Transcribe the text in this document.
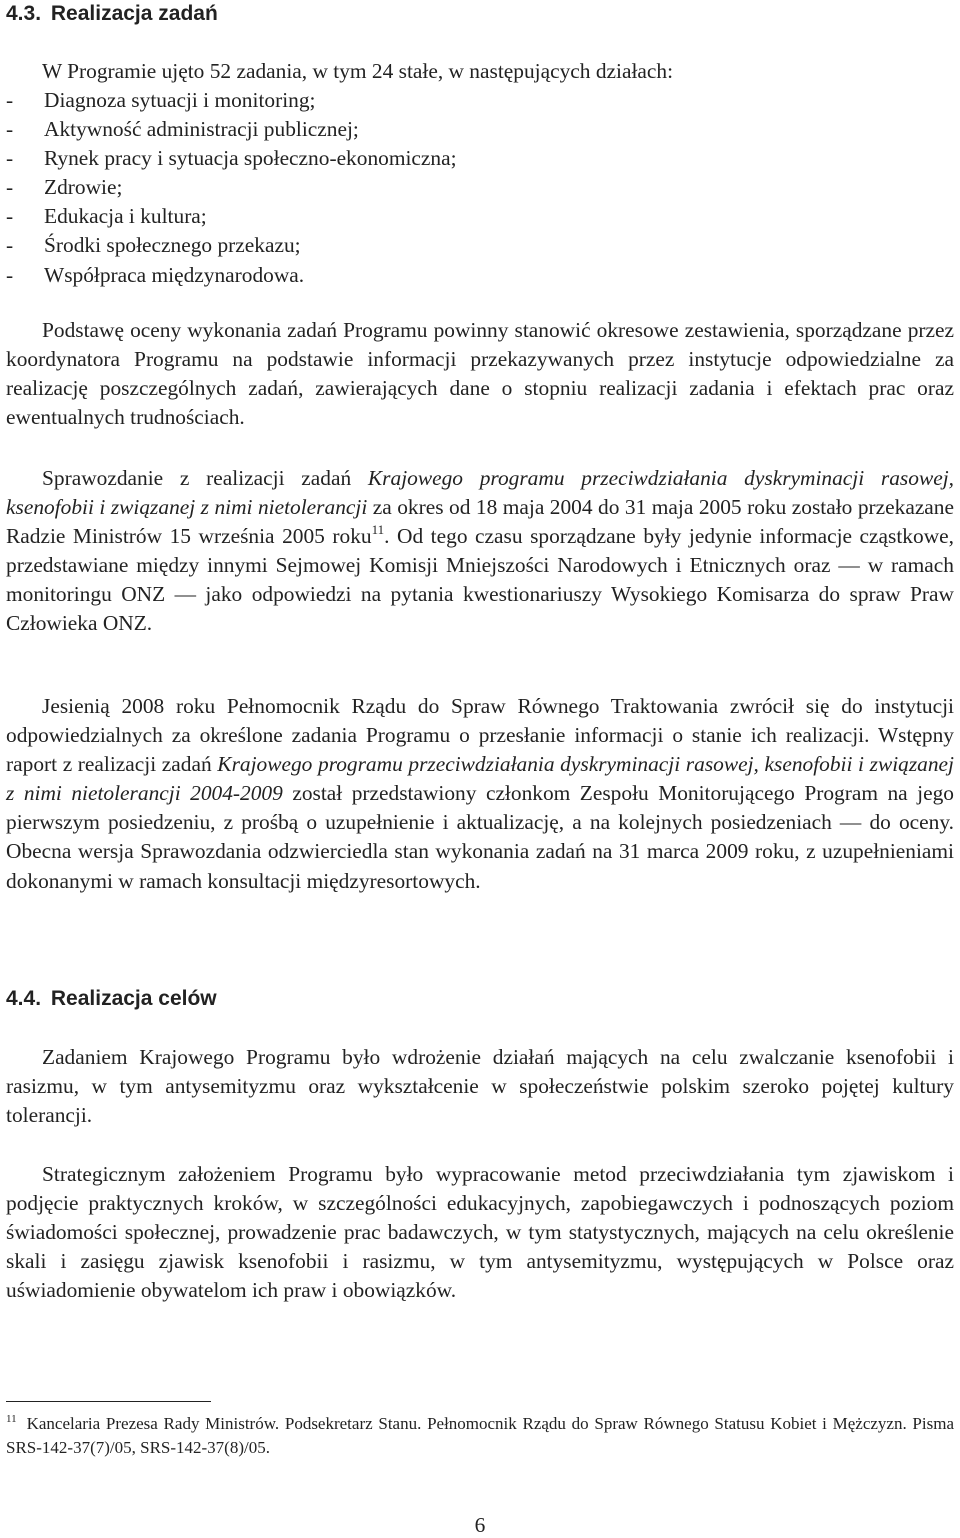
4.3. Realizacja zadań

W Programie ujęto 52 zadania, w tym 24 stałe, w następujących działach:

- Diagnoza sytuacji i monitoring;
- Aktywność administracji publicznej;
- Rynek pracy i sytuacja społeczno-ekonomiczna;
- Zdrowie;
- Edukacja i kultura;
- Środki społecznego przekazu;
- Współpraca międzynarodowa.

Podstawę oceny wykonania zadań Programu powinny stanowić okresowe zestawienia, sporządzane przez koordynatora Programu na podstawie informacji przekazywanych przez instytucje odpowiedzialne za realizację poszczególnych zadań, zawierających dane o stopniu realizacji zadania i efektach prac oraz ewentualnych trudnościach.

Sprawozdanie z realizacji zadań Krajowego programu przeciwdziałania dyskryminacji rasowej, ksenofobii i związanej z nimi nietolerancji za okres od 18 maja 2004 do 31 maja 2005 roku zostało przekazane Radzie Ministrów 15 września 2005 roku$^{11}$. Od tego czasu sporządzane były jedynie informacje cząstkowe, przedstawiane między innymi Sejmowej Komisji Mniejszości Narodowych i Etnicznych oraz — w ramach monitoringu ONZ — jako odpowiedzi na pytania kwestionariuszy Wysokiego Komisarza do spraw Praw Człowieka ONZ.

Jesienią 2008 roku Pełnomocnik Rządu do Spraw Równego Traktowania zwrócił się do instytucji odpowiedzialnych za określone zadania Programu o przesłanie informacji o stanie ich realizacji. Wstępny raport z realizacji zadań Krajowego programu przeciwdziałania dyskryminacji rasowej, ksenofobii i związanej z nimi nietolerancji 2004-2009 został przedstawiony członkom Zespołu Monitorującego Program na jego pierwszym posiedzeniu, z prośbą o uzupełnienie i aktualizację, a na kolejnych posiedzeniach — do oceny. Obecna wersja Sprawozdania odzwierciedla stan wykonania zadań na 31 marca 2009 roku, z uzupełnieniami dokonanymi w ramach konsultacji międzyresortowych.

4.4. Realizacja celów

Zadaniem Krajowego Programu było wdrożenie działań mających na celu zwalczanie ksenofobii i rasizmu, w tym antysemityzmu oraz wykształcenie w społeczeństwie polskim szeroko pojętej kultury tolerancji.

Strategicznym założeniem Programu było wypracowanie metod przeciwdziałania tym zjawiskom i podjęcie praktycznych kroków, w szczególności edukacyjnych, zapobiegawczych i podnoszących poziom świadomości społecznej, prowadzenie prac badawczych, w tym statystycznych, mających na celu określenie skali i zasięgu zjawisk ksenofobii i rasizmu, w tym antysemityzmu, występujących w Polsce oraz uświadomienie obywatelom ich praw i obowiązków.

$^{11}$ Kancelaria Prezesa Rady Ministrów. Podsekretarz Stanu. Pełnomocnik Rządu do Spraw Równego Statusu Kobiet i Mężczyzn. Pisma SRS-142-37(7)/05, SRS-142-37(8)/05.

6
